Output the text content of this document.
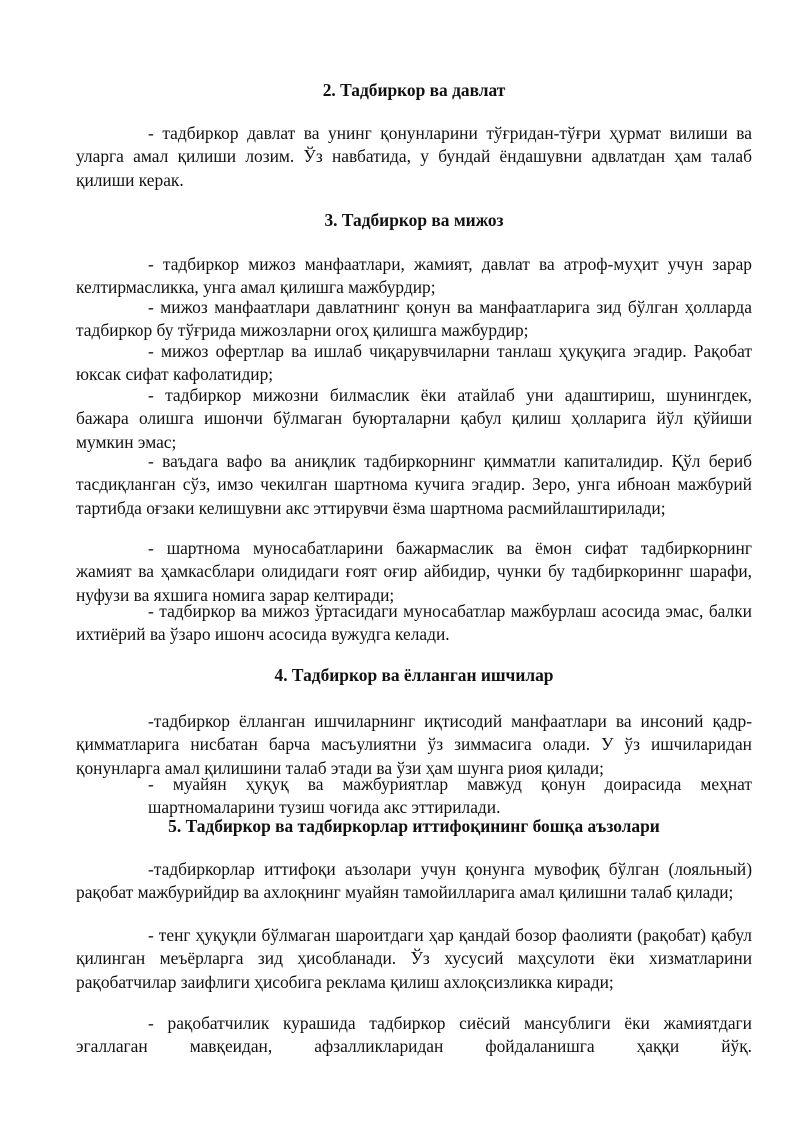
2. Тадбиркор ва давлат

- тадбиркор давлат ва унинг қонунларини тўғридан-тўғри ҳурмат вилиши ва уларга амал қилиши лозим. Ўз навбатида, у бундай ёндашувни адвлатдан ҳам талаб қилиши керак.

3. Тадбиркор ва мижоз

- тадбиркор мижоз манфаатлари, жамият, давлат ва атроф-муҳит учун зарар келтирмасликка, унга амал қилишга мажбурдир;

- мижоз манфаатлари давлатнинг қонун ва манфаатларига зид бўлган ҳолларда тадбиркор бу тўғрида мижозларни огоҳ қилишга мажбурдир;

- мижоз офертлар ва ишлаб чиқарувчиларни танлаш ҳуқуқига эгадир. Рақобат юксак сифат кафолатидир;

- тадбиркор мижозни билмаслик ёки атайлаб уни адаштириш, шунингдек, бажара олишга ишончи бўлмаган буюрталарни қабул қилиш ҳолларига йўл қўйиши мумкин эмас;

- ваъдага вафо ва аниқлик тадбиркорнинг қимматли капиталидир. Қўл бериб тасдиқланган сўз, имзо чекилган шартнома кучига эгадир. Зеро, унга ибноан мажбурий тартибда оғзаки келишувни акс эттирувчи ёзма шартнома расмийлаштирилади;

- шартнома муносабатларини бажармаслик ва ёмон сифат тадбиркорнинг жамият ва ҳамкасблари олидидаги ғоят оғир айбидир, чунки бу тадбиркориннг шарафи, нуфузи ва яхшига номига зарар келтиради;

- тадбиркор ва мижоз ўртасидаги муносабатлар мажбурлаш асосида эмас, балки ихтиёрий ва ўзаро ишонч асосида вужудга келади.

4. Тадбиркор ва ёлланган ишчилар

-тадбиркор ёлланган ишчиларнинг иқтисодий манфаатлари ва инсоний қадр-қимматларига нисбатан барча масъулиятни ўз зиммасига олади. У ўз ишчиларидан қонунларга амал қилишини талаб этади ва ўзи ҳам шунга риоя қилади;

- муайян ҳуқуқ ва мажбуриятлар мавжуд қонун доирасида меҳнат шартномаларини тузиш чоғида акс эттирилади.

5. Тадбиркор ва тадбиркорлар иттифоқининг бошқа аъзолари

-тадбиркорлар иттифоқи аъзолари учун қонунга мувофиқ бўлган (лояльный) рақобат мажбурийдир ва ахлоқнинг муайян тамойилларига амал қилишни талаб қилади;

- тенг ҳуқуқли бўлмаган шароитдаги ҳар қандай бозор фаолияти (рақобат) қабул қилинган меъёрларга зид ҳисобланади. Ўз хусусий маҳсулоти ёки хизматларини рақобатчилар заифлиги ҳисобига реклама қилиш ахлоқсизликка киради;

- рақобатчилик курашида тадбиркор сиёсий мансублиги ёки жамиятдаги эгаллаган мавқеидан, афзалликларидан фойдаланишга ҳаққи йўқ.
